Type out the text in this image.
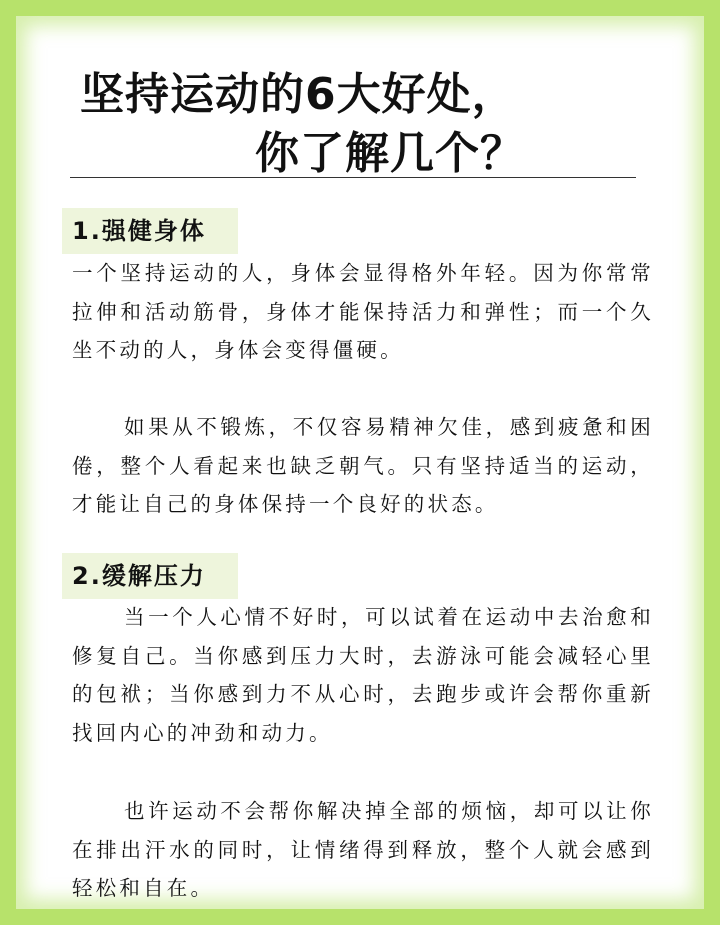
坚持运动的6大好处，
你了解几个？
1.强健身体
一个坚持运动的人，身体会显得格外年轻。因为你常常拉伸和活动筋骨，身体才能保持活力和弹性；而一个久坐不动的人，身体会变得僵硬。
如果从不锻炼，不仅容易精神欠佳，感到疲惫和困倦，整个人看起来也缺乏朝气。只有坚持适当的运动，才能让自己的身体保持一个良好的状态。
2.缓解压力
当一个人心情不好时，可以试着在运动中去治愈和修复自己。当你感到压力大时，去游泳可能会减轻心里的包袱；当你感到力不从心时，去跑步或许会帮你重新找回内心的冲劲和动力。
也许运动不会帮你解决掉全部的烦恼，却可以让你在排出汗水的同时，让情绪得到释放，整个人就会感到轻松和自在。
